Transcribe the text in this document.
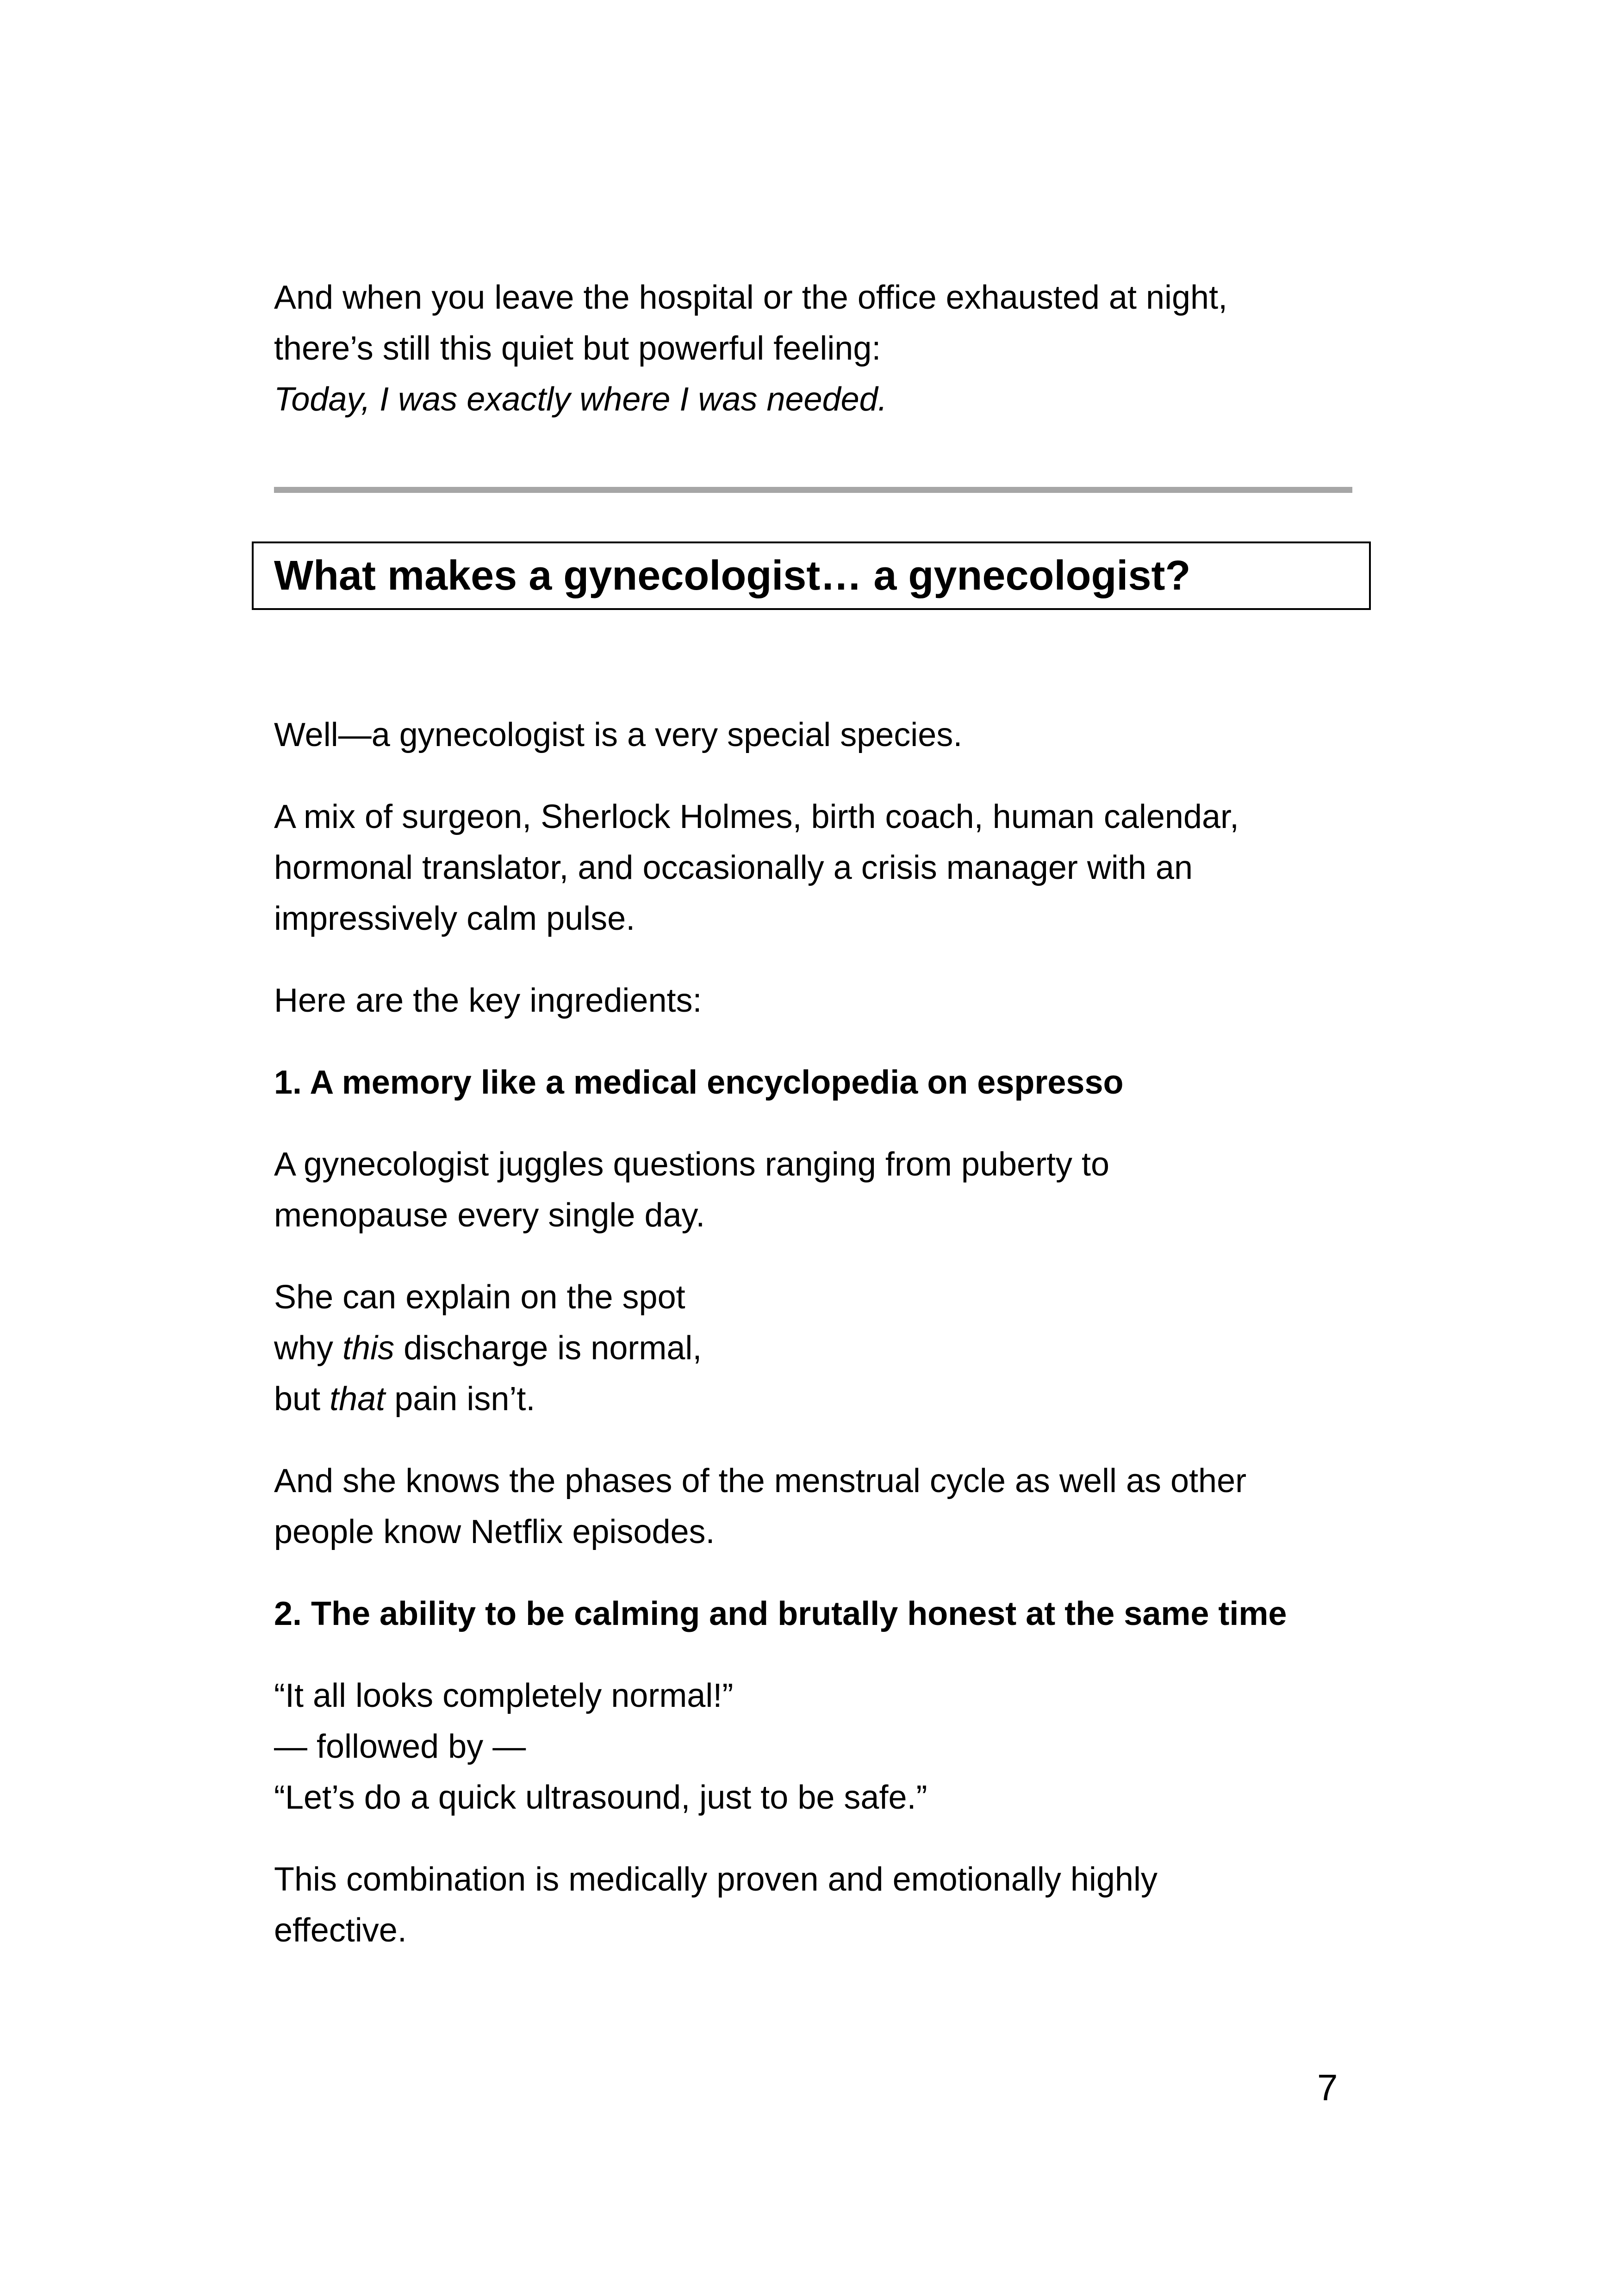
And when you leave the hospital or the office exhausted at night,
there’s still this quiet but powerful feeling:
Today, I was exactly where I was needed.

What makes a gynecologist… a gynecologist?

Well—a gynecologist is a very special species.

A mix of surgeon, Sherlock Holmes, birth coach, human calendar,
hormonal translator, and occasionally a crisis manager with an
impressively calm pulse.

Here are the key ingredients:

1. A memory like a medical encyclopedia on espresso

A gynecologist juggles questions ranging from puberty to
menopause every single day.

She can explain on the spot
why this discharge is normal,
but that pain isn’t.

And she knows the phases of the menstrual cycle as well as other
people know Netflix episodes.

2. The ability to be calming and brutally honest at the same time

“It all looks completely normal!”
— followed by —
“Let’s do a quick ultrasound, just to be safe.”

This combination is medically proven and emotionally highly
effective.

7
